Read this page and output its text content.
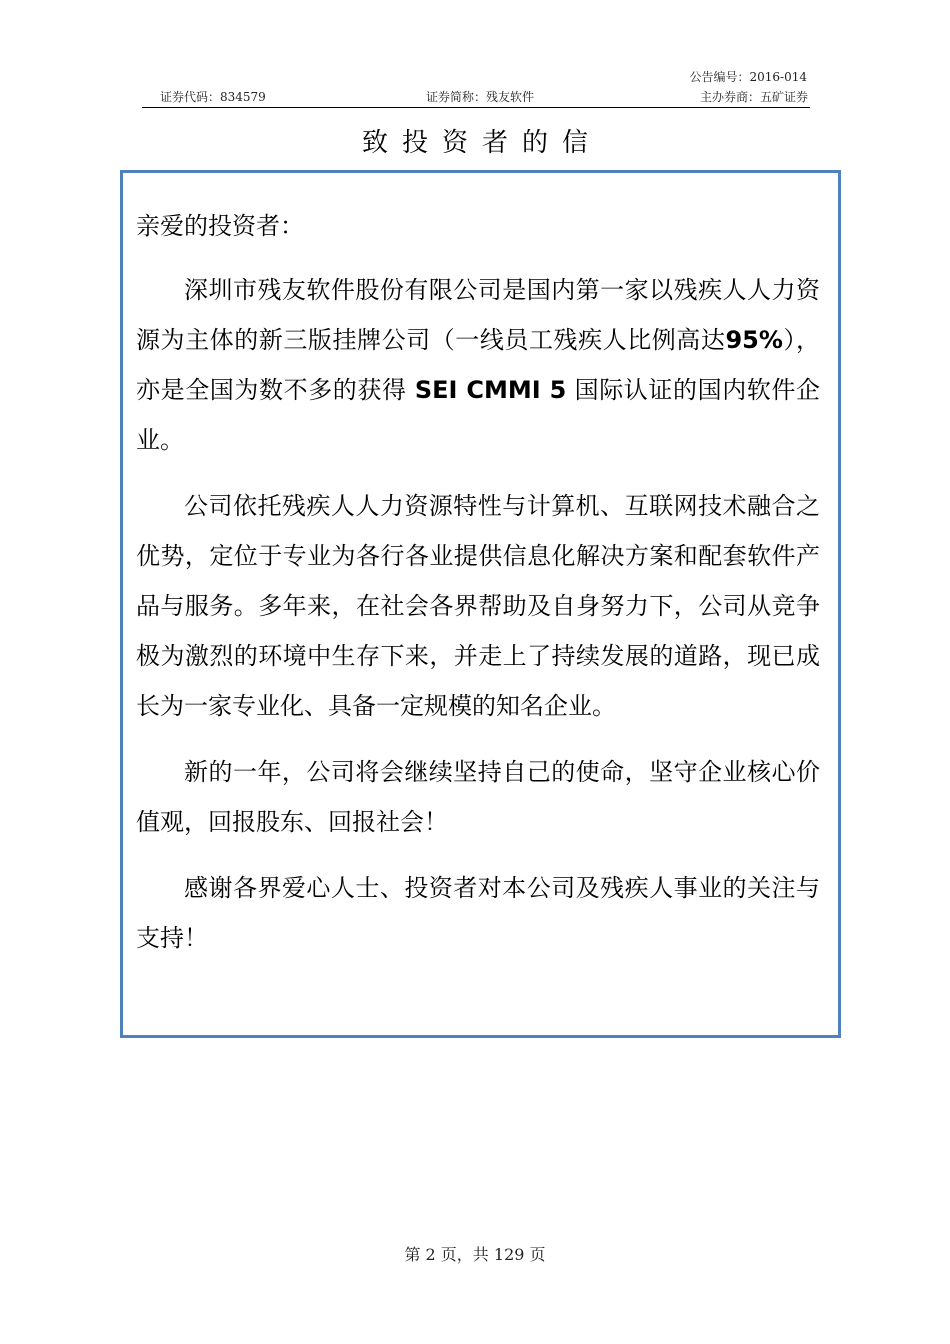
公告编号：2016-014
证券代码：834579	证券简称：残友软件	主办券商：五矿证券
致投资者的信

亲爱的投资者：

深圳市残友软件股份有限公司是国内第一家以残疾人人力资源为主体的新三版挂牌公司（一线员工残疾人比例高达95%），亦是全国为数不多的获得 SEI CMMI 5 国际认证的国内软件企业。

公司依托残疾人人力资源特性与计算机、互联网技术融合之优势，定位于专业为各行各业提供信息化解决方案和配套软件产品与服务。多年来，在社会各界帮助及自身努力下，公司从竞争极为激烈的环境中生存下来，并走上了持续发展的道路，现已成长为一家专业化、具备一定规模的知名企业。

新的一年，公司将会继续坚持自己的使命，坚守企业核心价值观，回报股东、回报社会！

感谢各界爱心人士、投资者对本公司及残疾人事业的关注与支持！

第 2 页，共 129 页
